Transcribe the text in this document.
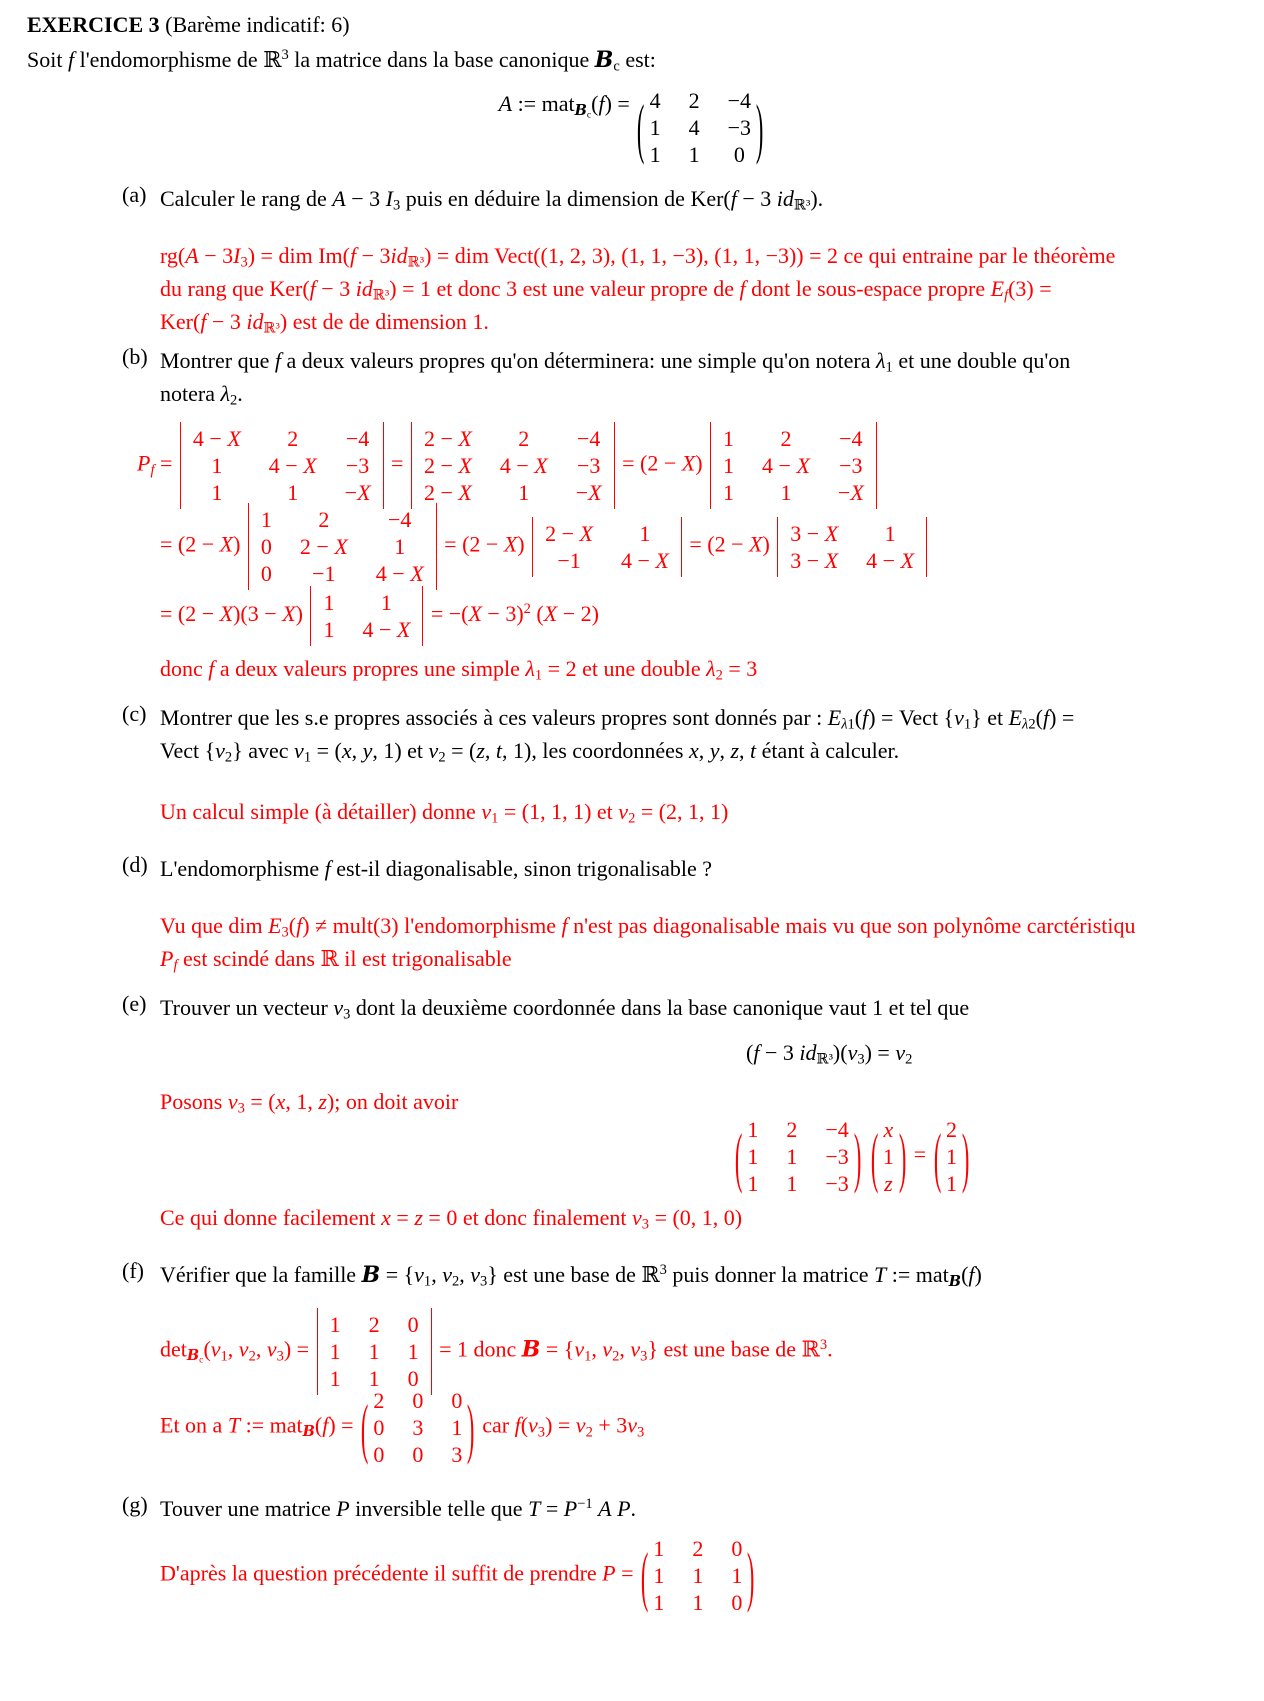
EXERCICE 3 (Barème indicatif: 6)
Soit f l'endomorphisme de ℝ$^3$ la matrice dans la base canonique $B_c$ est:
A := mat $_{B_c}$ ( f ) = ( 4 2 −4
1 4 −3
1 1 0 )
(a) Calculer le rang de A − 3 $I_3$ puis en déduire la dimension de Ker(f − 3 $id_{ℝ^3}$).
$rg(A - 3I_3)$ = dim $Im(f - 3id_{ℝ^3})$ = dim Vect((1, 2, 3), (1, 1, −3), (1, 1, −3)) = 2 ce qui entraine par le théorème
du rang que Ker(f − 3 $id_{ℝ^3}) = 1$ et donc 3 est une valeur propre de f dont le sous-espace propre $E_f(3)$ =
Ker(f − 3 $id_{ℝ^3}$) est de de dimension 1.
(b) Montrer que f a deux valeurs propres qu'on déterminera: une simple qu'on notera $\lambda_1$ et une double qu'on
notera $\lambda_2$.
$P_f$ =
4 − X 2 −4
1 4 − X −3
1	1 −X
=
2 − X 2 −4
2 − X 4 − X −3
2 − X 1 −X
= (2 − X)
1 2 −4
1 4 − X −3
1 1 −X
= (2 − X)
1 2	−4
0 2 − X 1
0 −1 4 − X
= (2 − X) 2 − X 1
−1 4 − X
= (2 − X) 3 − X 1
3 − X 4 − X
= (2 − X)(3 − X) 1 1
1 4 − X
= $-(X - 3)^2$ (X − 2)
donc f a deux valeurs propres une simple $\lambda_1 = 2$ et une double $\lambda_2 = 3$
(c) Montrer que les s.e propres associés à ces valeurs propres sont donnés par : $E_{\lambda 1}(f)$ = Vect $\{v_1\}$ et $E_{\lambda 2}(f)$ =
Vect $\{v_2\}$ avec $v_1 = (x$, y, 1) et $v_2 = (z$, t, 1), les coordonnées x, y, z, t étant à calculer.
Un calcul simple (à détailler) donne $v_1 = (1$, 1, 1) et $v_2 = (2$, 1, 1)
(d) L'endomorphisme f est-il diagonalisable, sinon trigonalisable ?
Vu que dim $E_3(f)$ ≠ mult(3) l'endomorphisme f n'est pas diagonalisable mais vu que son polynôme carctéristiqu
$P_f$ est scindé dans ℝ il est trigonalisable
(e) Trouver un vecteur $v_3$ dont la deuxième coordonnée dans la base canonique vaut 1 et tel que
(f − 3 $id_{ℝ^3})(v_3) = v_2$
Posons $v_3 = (x$, 1, z); on doit avoir
( 1 2 −4
1 1 −3
1 1 −3 )
( x
1
z ) = ( 2
1
1 )
Ce qui donne facilement x = z = 0 et donc finalement $v_3 = (0$, 1, 0)
(f) Vérifier que la famille $B = \{v_1$, $v_2$, $v_3$} est une base de ℝ$^3$ puis donner la matrice T := mat$_B$(f)
$\det_{B_c}(v_1$, $v_2$, $v_3$) =
1 2 0
1 1 1
1 1 0
= 1 donc $B = \{v_1$, $v_2$, $v_3$} est une base de ℝ$^3$.
Et on a T := mat$_B$(f) = ( 2 0 0
0 3 1
0 0 3 ) car $f(v_3) = v_2 + 3v_3$
(g) Touver une matrice P inversible telle que $T = P^{-1}$ A P.
D'après la question précédente il suffit de prendre P = ( 1 2 0
1 1 1
1 1 0 )
